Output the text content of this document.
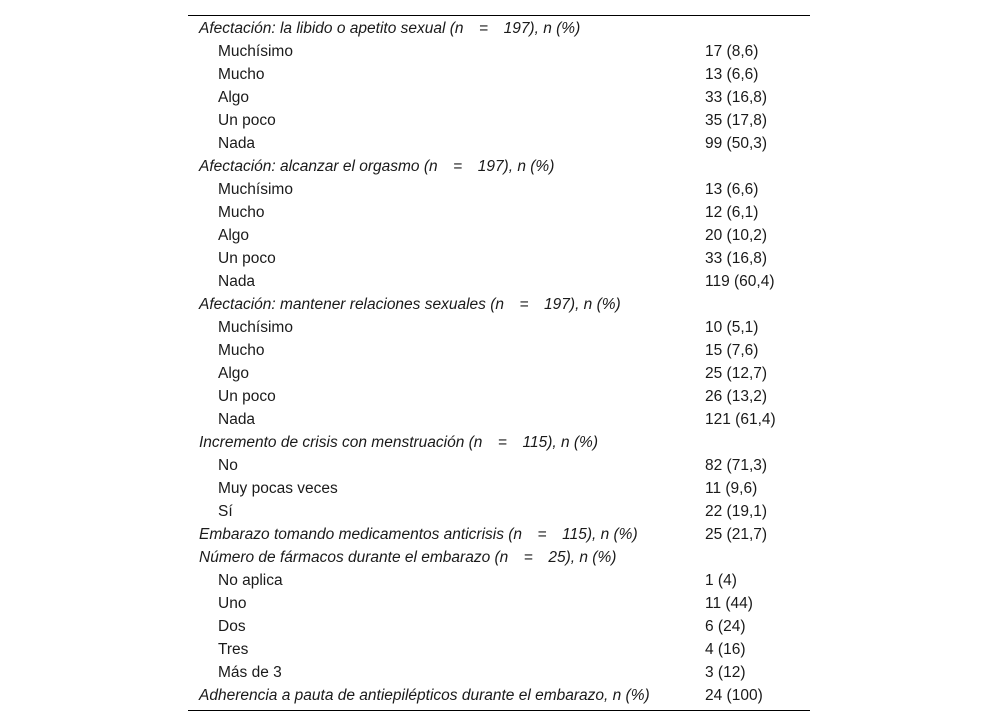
Afectación: la libido o apetito sexual (n  =  197), n (%)
Muchísimo	17 (8,6)
Mucho	13 (6,6)
Algo	33 (16,8)
Un poco	35 (17,8)
Nada	99 (50,3)
Afectación: alcanzar el orgasmo (n  =  197), n (%)
Muchísimo	13 (6,6)
Mucho	12 (6,1)
Algo	20 (10,2)
Un poco	33 (16,8)
Nada	119 (60,4)
Afectación: mantener relaciones sexuales (n  =  197), n (%)
Muchísimo	10 (5,1)
Mucho	15 (7,6)
Algo	25 (12,7)
Un poco	26 (13,2)
Nada	121 (61,4)
Incremento de crisis con menstruación (n  =  115), n (%)
No	82 (71,3)
Muy pocas veces	11 (9,6)
Sí	22 (19,1)
Embarazo tomando medicamentos anticrisis (n  =  115), n (%)	25 (21,7)
Número de fármacos durante el embarazo (n  =  25), n (%)
No aplica	1 (4)
Uno	11 (44)
Dos	6 (24)
Tres	4 (16)
Más de 3	3 (12)
Adherencia a pauta de antiepilépticos durante el embarazo, n (%)	24 (100)
